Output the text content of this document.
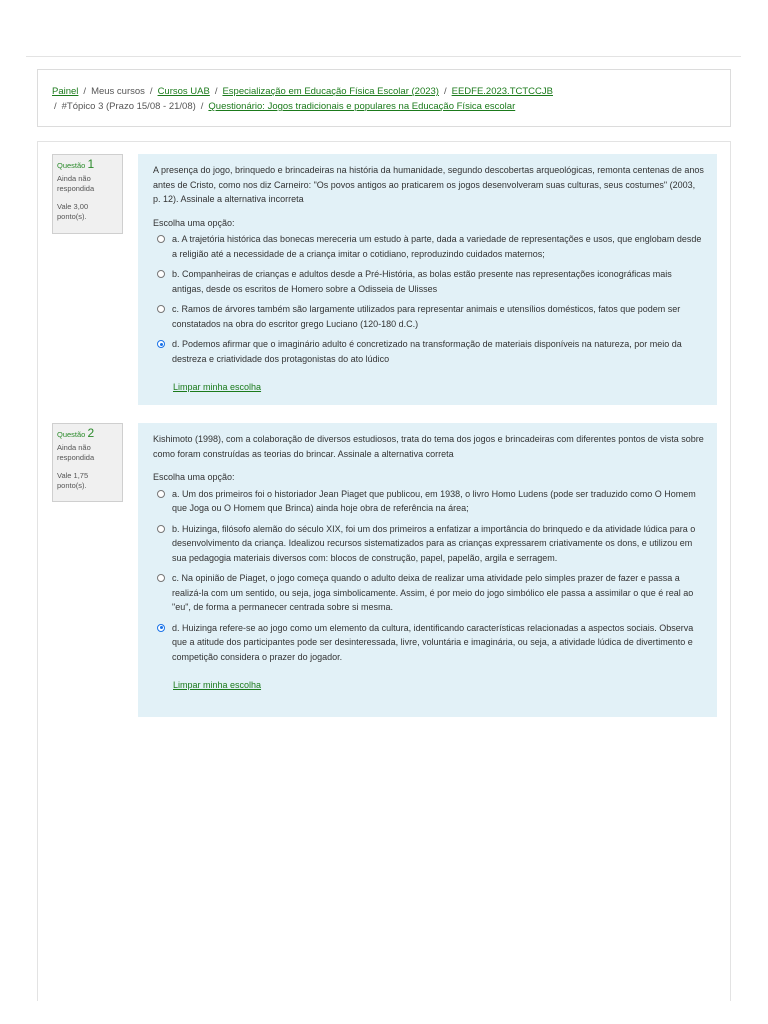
Painel / Meus cursos / Cursos UAB / Especialização em Educação Física Escolar (2023) / EEDFE.2023.TCTCCJB
/ #Tópico 3 (Prazo 15/08 - 21/08) / Questionário: Jogos tradicionais e populares na Educação Física escolar
Questão 1
Ainda não respondida
Vale 3,00 ponto(s).
A presença do jogo, brinquedo e brincadeiras na história da humanidade, segundo descobertas arqueológicas, remonta centenas de anos antes de Cristo, como nos diz Carneiro: "Os povos antigos ao praticarem os jogos desenvolveram suas culturas, seus costumes" (2003, p. 12). Assinale a alternativa incorreta
Escolha uma opção:
a. A trajetória histórica das bonecas mereceria um estudo à parte, dada a variedade de representações e usos, que englobam desde a religião até a necessidade de a criança imitar o cotidiano, reproduzindo cuidados maternos;
b. Companheiras de crianças e adultos desde a Pré-História, as bolas estão presente nas representações iconográficas mais antigas, desde os escritos de Homero sobre a Odisseia de Ulisses
c. Ramos de árvores também são largamente utilizados para representar animais e utensílios domésticos, fatos que podem ser constatados na obra do escritor grego Luciano (120-180 d.C.)
d. Podemos afirmar que o imaginário adulto é concretizado na transformação de materiais disponíveis na natureza, por meio da destreza e criatividade dos protagonistas do ato lúdico
Limpar minha escolha
Questão 2
Ainda não respondida
Vale 1,75 ponto(s).
Kishimoto (1998), com a colaboração de diversos estudiosos, trata do tema dos jogos e brincadeiras com diferentes pontos de vista sobre como foram construídas as teorias do brincar. Assinale a alternativa correta
Escolha uma opção:
a. Um dos primeiros foi o historiador Jean Piaget que publicou, em 1938, o livro Homo Ludens (pode ser traduzido como O Homem que Joga ou O Homem que Brinca) ainda hoje obra de referência na área;
b. Huizinga, filósofo alemão do século XIX, foi um dos primeiros a enfatizar a importância do brinquedo e da atividade lúdica para o desenvolvimento da criança. Idealizou recursos sistematizados para as crianças expressarem criativamente os dons, e utilizou em sua pedagogia materiais diversos com: blocos de construção, papel, papelão, argila e serragem.
c. Na opinião de Piaget, o jogo começa quando o adulto deixa de realizar uma atividade pelo simples prazer de fazer e passa a realizá-la com um sentido, ou seja, joga simbolicamente. Assim, é por meio do jogo simbólico ele passa a assimilar o que é real ao "eu", de forma a permanecer centrada sobre si mesma.
d. Huizinga refere-se ao jogo como um elemento da cultura, identificando características relacionadas a aspectos sociais. Observa que a atitude dos participantes pode ser desinteressada, livre, voluntária e imaginária, ou seja, a atividade lúdica de divertimento e competição considera o prazer do jogador.
Limpar minha escolha
